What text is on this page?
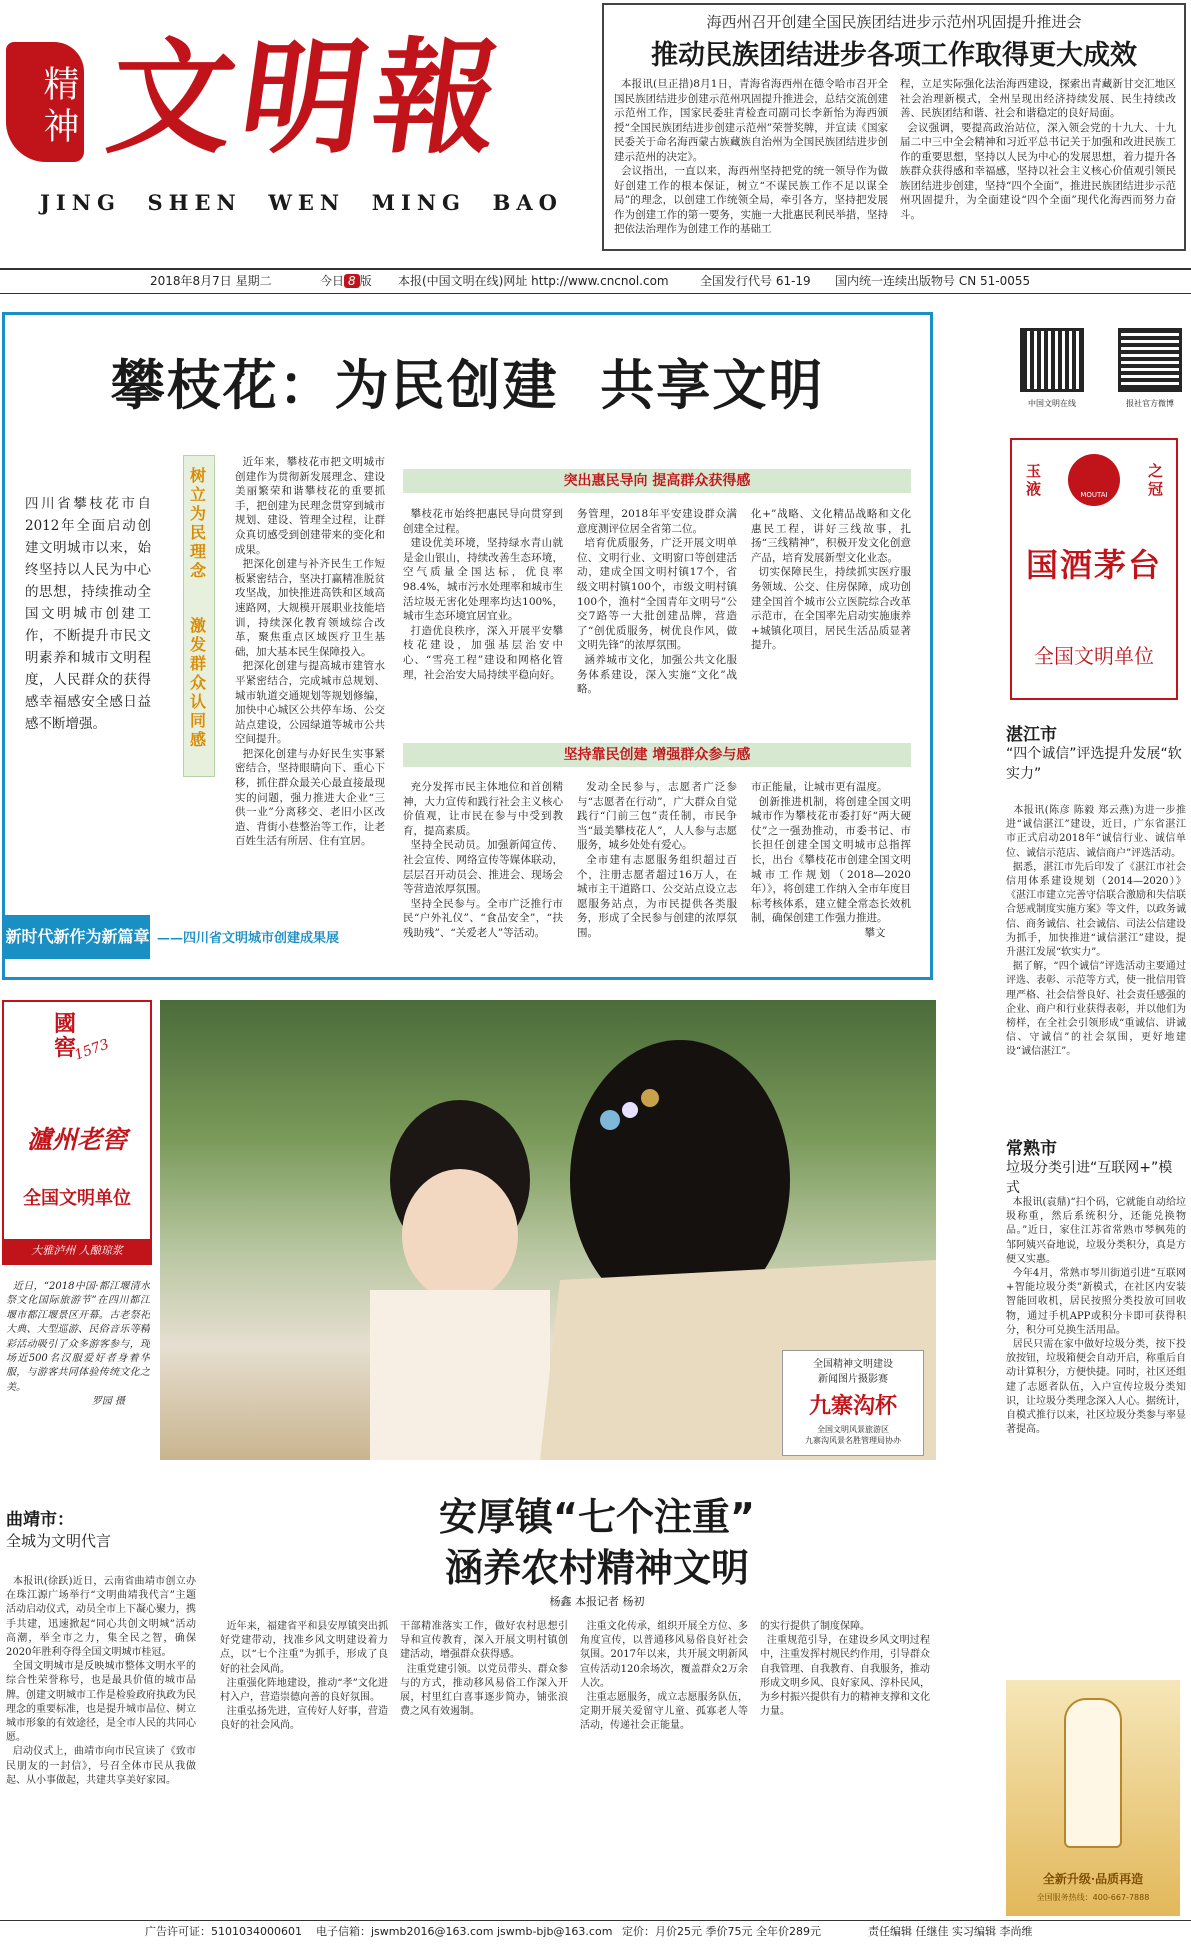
精神 文明報
JING  SHEN  WEN  MING  BAO
海西州召开创建全国民族团结进步示范州巩固提升推进会
推动民族团结进步各项工作取得更大成效
本报讯(旦正措)8月1日，青海省海西州在德令哈市召开全国民族团结进步创建示范州巩固提升推进会，总结交流创建示范州工作，国家民委驻青检查司副司长李新怡为海西颁授“全国民族团结进步创建示范州”荣誉奖牌，并宣读《国家民委关于命名海西蒙古族藏族自治州为全国民族团结进步创建示范州的决定》。
会议指出，一直以来，海西州坚持把党的统一领导作为做好创建工作的根本保证，树立“不谋民族工作不足以谋全局”的理念，以创建工作统领全局，牵引各方，坚持把发展作为创建工作的第一要务，实施一大批惠民利民举措，坚持把依法治理作为创建工作的基础工
程，立足实际强化法治海西建设，探索出青藏新甘交汇地区社会治理新模式，全州呈现出经济持续发展、民生持续改善、民族团结和谐、社会和谐稳定的良好局面。
会议强调，要提高政治站位，深入领会党的十九大、十九届二中三中全会精神和习近平总书记关于加强和改进民族工作的重要思想，坚持以人民为中心的发展思想，着力提升各族群众获得感和幸福感，坚持以社会主义核心价值观引领民族团结进步创建，坚持“四个全面”，推进民族团结进步示范州巩固提升，为全面建设“四个全面”现代化海西而努力奋斗。
2018年8月7日 星期二	今日 8 版 本报(中国文明在线)网址 http://www.cncnol.com	全国发行代号 61-19 国内统一连续出版物号 CN 51-0055
攀枝花：为民创建  共享文明
四川省攀枝花市自2012年全面启动创建文明城市以来，始终坚持以人民为中心的思想，持续推动全国文明城市创建工作，不断提升市民文明素养和城市文明程度，人民群众的获得感幸福感安全感日益感不断增强。
树立为民理念
激发群众认同感
近年来，攀枝花市把文明城市创建作为贯彻新发展理念、建设美丽繁荣和谐攀枝花的重要抓手，把创建为民理念贯穿到城市规划、建设、管理全过程，让群众真切感受到创建带来的变化和成果。
把深化创建与补齐民生工作短板紧密结合，坚决打赢精准脱贫攻坚战，加快推进高铁和区域高速路网，大规模开展职业技能培训，持续深化教育领域综合改革，聚焦重点区域医疗卫生基础，加大基本民生保障投入。
把深化创建与提高城市建管水平紧密结合，完成城市总规划、城市轨道交通规划等规划修编，加快中心城区公共停车场、公交站点建设，公园绿道等城市公共空间提升。
把深化创建与办好民生实事紧密结合，坚持眼睛向下、重心下移，抓住群众最关心最直接最现实的问题，强力推进大企业“三供一业”分离移交、老旧小区改造、背街小巷整治等工作，让老百姓生活有所居、住有宜居。
突出惠民导向 提高群众获得感
攀枝花市始终把惠民导向贯穿到创建全过程。
建设优美环境，坚持绿水青山就是金山银山，持续改善生态环境，空气质量全国达标，优良率98.4%，城市污水处理率和城市生活垃圾无害化处理率均达100%，城市生态环境宜居宜业。
打造优良秩序，深入开展平安攀枝花建设，加强基层治安中心、“雪亮工程”建设和网格化管理，社会治安大局持续平稳向好。
务管理，2018年平安建设群众满意度测评位居全省第二位。
培育优质服务，广泛开展文明单位、文明行业、文明窗口等创建活动，建成全国文明村镇17个，省级文明村镇100个，市级文明村镇100个，渔村“全国青年文明号”公交7路等一大批创建品牌，营造了“创优质服务，树优良作风，做文明先锋”的浓厚氛围。
涵养城市文化，加强公共文化服务体系建设，深入实施“文化”战略。
化+”战略、文化精品战略和文化惠民工程，讲好三线故事，扎扬“三线精神”，积极开发文化创意产品，培育发展新型文化业态。
切实保障民生，持续抓实医疗服务领域、公交、住房保障，成功创建全国首个城市公立医院综合改革示范市，在全国率先启动实施康养+城镇化项目，居民生活品质显著提升。
坚持靠民创建 增强群众参与感
充分发挥市民主体地位和首创精神，大力宣传和践行社会主义核心价值观，让市民在参与中受到教育，提高素质。
坚持全民动员。加强新闻宣传、社会宣传、网络宣传等媒体联动，层层召开动员会、推进会、现场会等营造浓厚氛围。
坚持全民参与。全市广泛推行市民“户外礼仪”、“食品安全”，“扶残助残”、“关爱老人”等活动。
发动全民参与，志愿者广泛参与“志愿者在行动”，广大群众自觉践行“门前三包”责任制，市民争当“最美攀枝花人”，人人参与志愿服务，城乡处处有爱心。
全市建有志愿服务组织超过百个，注册志愿者超过16万人，在城市主干道路口、公交站点设立志愿服务站点，为市民提供各类服务，形成了全民参与创建的浓厚氛围。
市正能量，让城市更有温度。
创新推进机制，将创建全国文明城市作为攀枝花市委打好“两大硬仗”之一强劲推动，市委书记、市长担任创建全国文明城市总指挥长，出台《攀枝花市创建全国文明城市工作规划（2018—2020年）》，将创建工作纳入全市年度目标考核体系，建立健全常态长效机制，确保创建工作强力推进。
攀文
新时代新作为新篇章 ——四川省文明城市创建成果展
中国文明在线	报社官方微博
玉液
之冠
MOUTAI
国酒茅台
全国文明单位
湛江市
“四个诚信”评选提升发展“软实力”
本报讯(陈彦 陈毅 郑云燕)为进一步推进“诚信湛江”建设，近日，广东省湛江市正式启动2018年“诚信行业、诚信单位、诚信示范店、诚信商户”评选活动。
据悉，湛江市先后印发了《湛江市社会信用体系建设规划（2014—2020）》《湛江市建立完善守信联合激励和失信联合惩戒制度实施方案》等文件，以政务诚信、商务诚信、社会诚信、司法公信建设为抓手，加快推进“诚信湛江”建设，提升湛江发展“软实力”。
据了解，“四个诚信”评选活动主要通过评选、表彰、示范等方式，使一批信用管理严格、社会信誉良好、社会责任感强的企业、商户和行业获得表彰，并以他们为榜样，在全社会引领形成“重诚信、讲诚信、守诚信”的社会氛围，更好地建设“诚信湛江”。
常熟市
垃圾分类引进“互联网+”模式
本报讯(袁鼎)“扫个码，它就能自动给垃圾称重，然后系统积分，还能兑换物品。”近日，家住江苏省常熟市琴枫苑的邹阿姨兴奋地说，垃圾分类积分，真是方便又实惠。
今年4月，常熟市琴川街道引进“互联网+智能垃圾分类”新模式，在社区内安装智能回收机，居民按照分类投放可回收物，通过手机APP或积分卡即可获得积分，积分可兑换生活用品。
居民只需在家中做好垃圾分类，按下投放按钮，垃圾箱便会自动开启，称重后自动计算积分，方便快捷。同时，社区还组建了志愿者队伍，入户宣传垃圾分类知识，让垃圾分类理念深入人心。据统计，自模式推行以来，社区垃圾分类参与率显著提高。
國窖
1573
瀘州老窖
全国文明单位
大雅泸州 人酿琼浆
近日，“2018中国·都江堰清水祭文化国际旅游节”在四川都江堰市都江堰景区开幕。古老祭祀大典、大型巡游、民俗音乐等精彩活动吸引了众多游客参与，现场近500名汉服爱好者身着华服，与游客共同体验传统文化之美。
罗园 摄
全国精神文明建设
新闻图片摄影赛
九寨沟杯
全国文明风景旅游区
九寨沟风景名胜管理局协办
曲靖市：
全城为文明代言
本报讯(徐跃)近日，云南省曲靖市创立办在珠江源广场举行“文明曲靖我代言”主题活动启动仪式，动员全市上下凝心聚力，携手共建，迅速掀起“同心共创文明城”活动高潮，举全市之力，集全民之智，确保2020年胜利夺得全国文明城市桂冠。
全国文明城市是反映城市整体文明水平的综合性荣誉称号，也是最具价值的城市品牌。创建文明城市工作是检验政府执政为民理念的重要标准，也是提升城市品位、树立城市形象的有效途径，是全市人民的共同心愿。
启动仪式上，曲靖市向市民宣读了《致市民朋友的一封信》，号召全体市民从我做起、从小事做起，共建共享美好家园。
安厚镇“七个注重”
涵养农村精神文明
杨鑫 本报记者 杨初
近年来，福建省平和县安厚镇突出抓好党建带动，找准乡风文明建设着力点，以“七个注重”为抓手，形成了良好的社会风尚。
注重强化阵地建设，推动“孝”文化进村入户，营造崇德向善的良好氛围。
注重弘扬先进，宣传好人好事，营造良好的社会风尚。
干部精准落实工作，做好农村思想引导和宣传教育，深入开展文明村镇创建活动，增强群众获得感。
注重党建引领。以党员带头、群众参与的方式，推动移风易俗工作深入开展，村里红白喜事逐步简办，铺张浪费之风有效遏制。
注重文化传承，组织开展全方位、多角度宣传，以普通移风易俗良好社会氛围。2017年以来，共开展文明新风宣传活动120余场次，覆盖群众2万余人次。
注重志愿服务，成立志愿服务队伍，定期开展关爱留守儿童、孤寡老人等活动，传递社会正能量。
的实行提供了制度保障。
注重规范引导，在建设乡风文明过程中，注重发挥村规民约作用，引导群众自我管理、自我教育、自我服务，推动形成文明乡风、良好家风、淳朴民风，为乡村振兴提供有力的精神支撑和文化力量。
全新升级·品质再造
全国服务热线：400-667-7888
广告许可证：5101034000601 电子信箱：jswmb2016@163.com jswmb-bjb@163.com 定价：月价25元 季价75元 全年价289元	责任编辑 任继佳 实习编辑 李尚维
